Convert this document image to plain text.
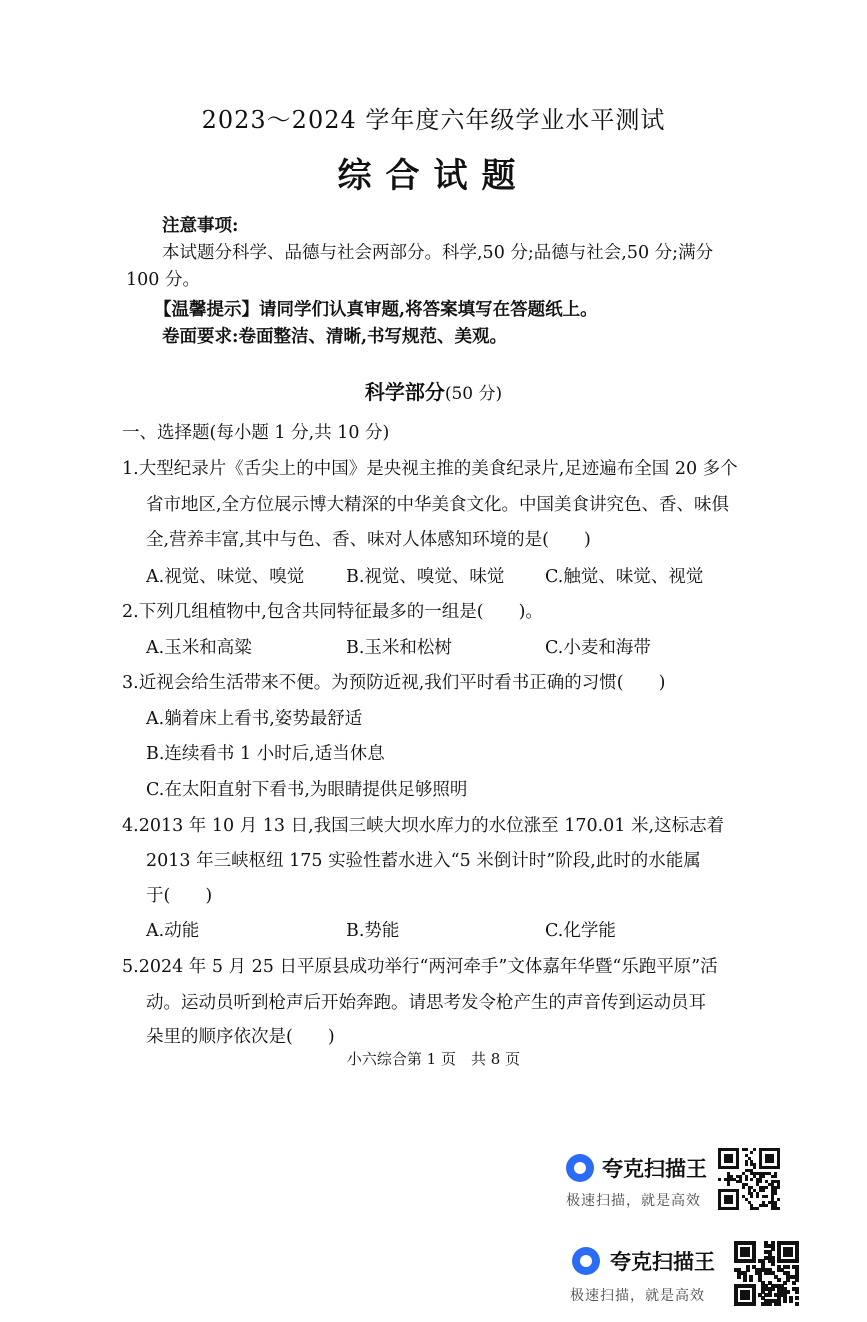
2023～2024 学年度六年级学业水平测试
综合试题
注意事项:
本试题分科学、品德与社会两部分。科学,50 分;品德与社会,50 分;满分
100 分。
【温馨提示】请同学们认真审题,将答案填写在答题纸上。
卷面要求:卷面整洁、清晰,书写规范、美观。
科学部分(50 分)
一、选择题(每小题 1 分,共 10 分)
1.大型纪录片《舌尖上的中国》是央视主推的美食纪录片,足迹遍布全国 20 多个
省市地区,全方位展示博大精深的中华美食文化。中国美食讲究色、香、味俱
全,营养丰富,其中与色、香、味对人体感知环境的是(　　)
A.视觉、味觉、嗅觉 B.视觉、嗅觉、味觉 C.触觉、味觉、视觉
2.下列几组植物中,包含共同特征最多的一组是(　　)。
A.玉米和高粱	B.玉米和松树	C.小麦和海带
3.近视会给生活带来不便。为预防近视,我们平时看书正确的习惯(　　)
A.躺着床上看书,姿势最舒适
B.连续看书 1 小时后,适当休息
C.在太阳直射下看书,为眼睛提供足够照明
4.2013 年 10 月 13 日,我国三峡大坝水库力的水位涨至 170.01 米,这标志着
2013 年三峡枢纽 175 实验性蓄水进入“5 米倒计时”阶段,此时的水能属
于(　　)
A.动能	B.势能	C.化学能
5.2024 年 5 月 25 日平原县成功举行“两河牵手”文体嘉年华暨“乐跑平原”活
动。运动员听到枪声后开始奔跑。请思考发令枪产生的声音传到运动员耳
朵里的顺序依次是(　　)
小六综合第 1 页　共 8 页
夸克扫描王
极速扫描，就是高效
夸克扫描王
极速扫描，就是高效
